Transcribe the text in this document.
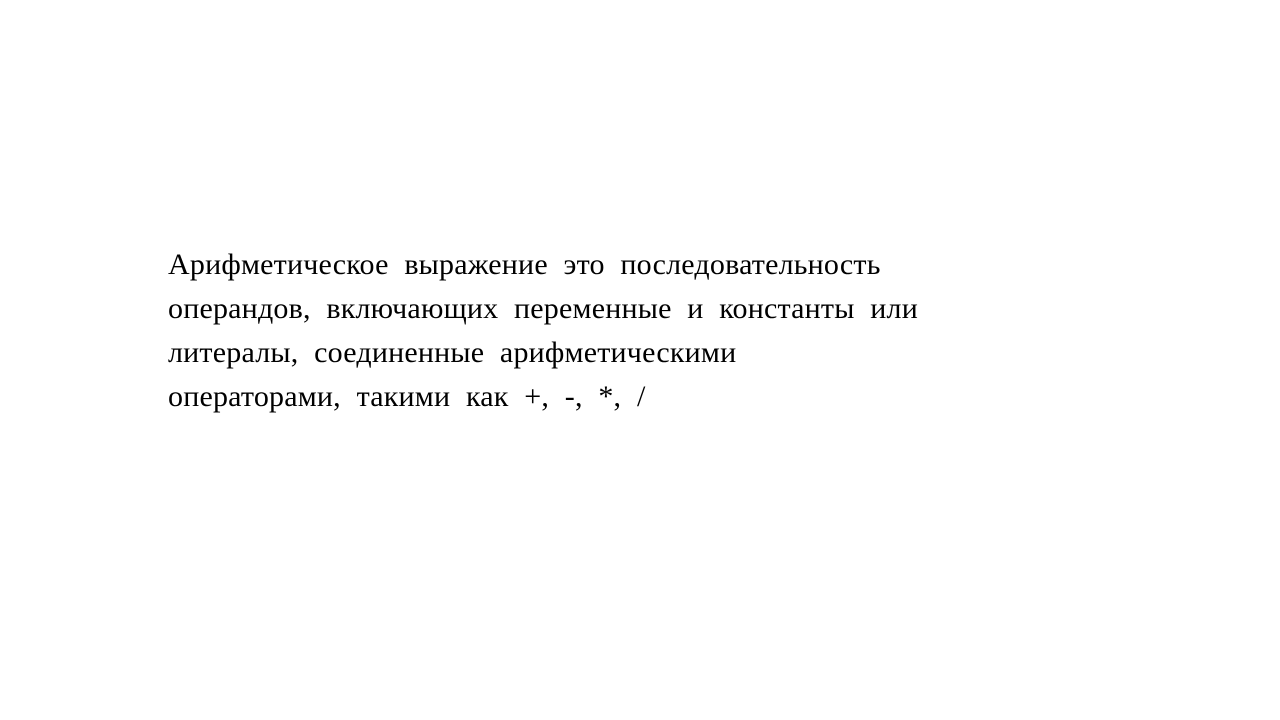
Арифметическое выражение это последовательность
операндов, включающих переменные и константы или
литералы, соединенные арифметическими
операторами, такими как +, -, *, /
